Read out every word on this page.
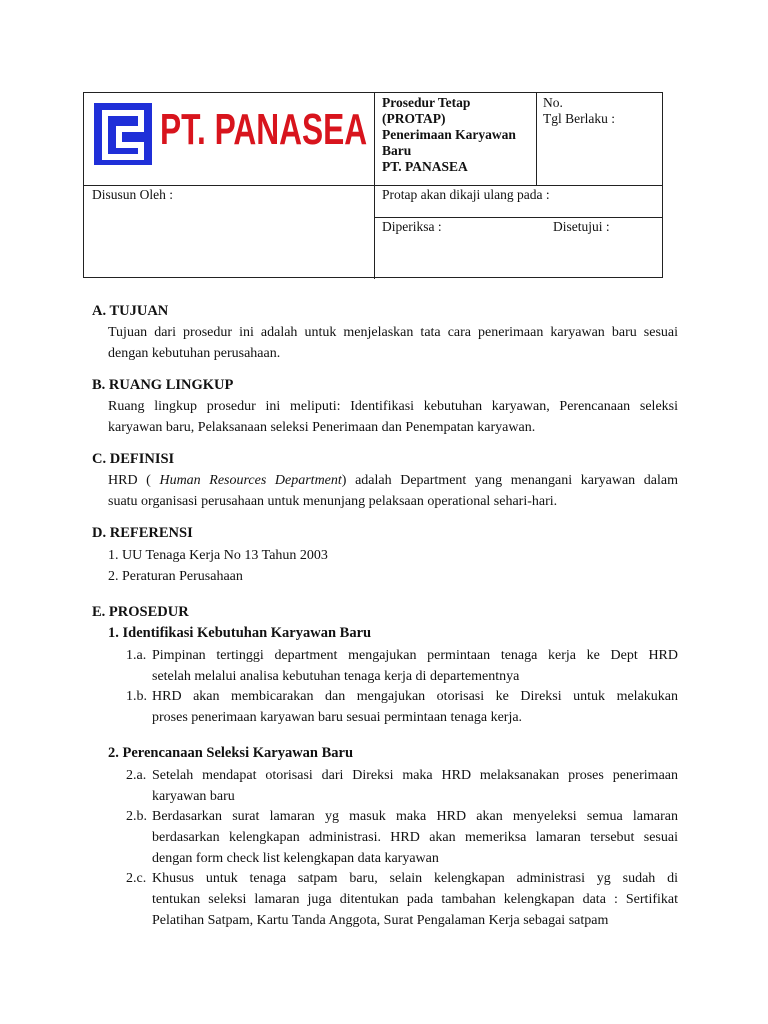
PT. PANASEA
Prosedur Tetap
(PROTAP)
Penerimaan Karyawan
Baru
PT. PANASEA
No.
Tgl Berlaku :
Disusun Oleh :	Protap akan dikaji ulang pada :
Diperiksa :	Disetujui :
A. TUJUAN
Tujuan dari prosedur ini adalah untuk menjelaskan tata cara penerimaan karyawan baru sesuai
dengan kebutuhan perusahaan.
B. RUANG LINGKUP
Ruang lingkup prosedur ini meliputi: Identifikasi kebutuhan karyawan, Perencanaan seleksi
karyawan baru, Pelaksanaan seleksi Penerimaan dan Penempatan karyawan.
C. DEFINISI
HRD ( Human Resources Department) adalah Department yang menangani karyawan dalam
suatu organisasi perusahaan untuk menunjang pelaksaan operational sehari-hari.
D. REFERENSI
1. UU Tenaga Kerja No 13 Tahun 2003
2. Peraturan Perusahaan
E. PROSEDUR
1. Identifikasi Kebutuhan Karyawan Baru
1.a. Pimpinan tertinggi department mengajukan permintaan tenaga kerja ke Dept HRD
setelah melalui analisa kebutuhan tenaga kerja di departementnya
1.b. HRD akan membicarakan dan mengajukan otorisasi ke Direksi untuk melakukan
proses penerimaan karyawan baru sesuai permintaan tenaga kerja.
2. Perencanaan Seleksi Karyawan Baru
2.a. Setelah mendapat otorisasi dari Direksi maka HRD melaksanakan proses penerimaan
karyawan baru
2.b. Berdasarkan surat lamaran yg masuk maka HRD akan menyeleksi semua lamaran
berdasarkan kelengkapan administrasi. HRD akan memeriksa lamaran tersebut sesuai
dengan form check list kelengkapan data karyawan
2.c. Khusus untuk tenaga satpam baru, selain kelengkapan administrasi yg sudah di
tentukan seleksi lamaran juga ditentukan pada tambahan kelengkapan data : Sertifikat
Pelatihan Satpam, Kartu Tanda Anggota, Surat Pengalaman Kerja sebagai satpam
